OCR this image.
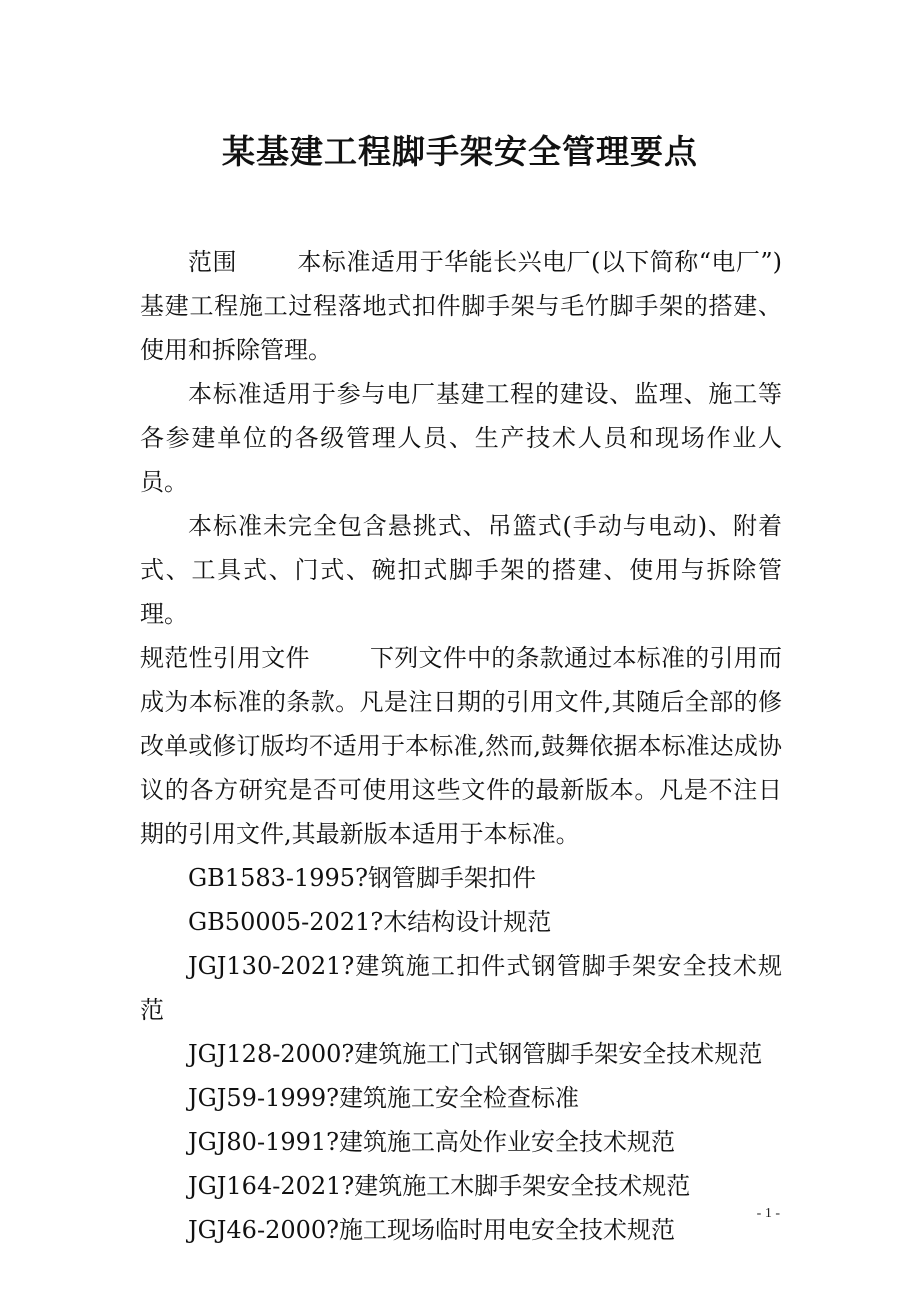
某基建工程脚手架安全管理要点

范围	本标准适用于华能长兴电厂(以下简称“电厂”)基建工程施工过程落地式扣件脚手架与毛竹脚手架的搭建、使用和拆除管理。

本标准适用于参与电厂基建工程的建设、监理、施工等各参建单位的各级管理人员、生产技术人员和现场作业人员。

本标准未完全包含悬挑式、吊篮式(手动与电动)、附着式、工具式、门式、碗扣式脚手架的搭建、使用与拆除管理。

规范性引用文件	下列文件中的条款通过本标准的引用而成为本标准的条款。凡是注日期的引用文件,其随后全部的修改单或修订版均不适用于本标准,然而,鼓舞依据本标准达成协议的各方研究是否可使用这些文件的最新版本。凡是不注日期的引用文件,其最新版本适用于本标准。

GB1583-1995?钢管脚手架扣件

GB50005-2021?木结构设计规范

JGJ130-2021?建筑施工扣件式钢管脚手架安全技术规范

JGJ128-2000?建筑施工门式钢管脚手架安全技术规范

JGJ59-1999?建筑施工安全检查标准

JGJ80-1991?建筑施工高处作业安全技术规范

JGJ164-2021?建筑施工木脚手架安全技术规范

JGJ46-2000?施工现场临时用电安全技术规范

- 1 -
